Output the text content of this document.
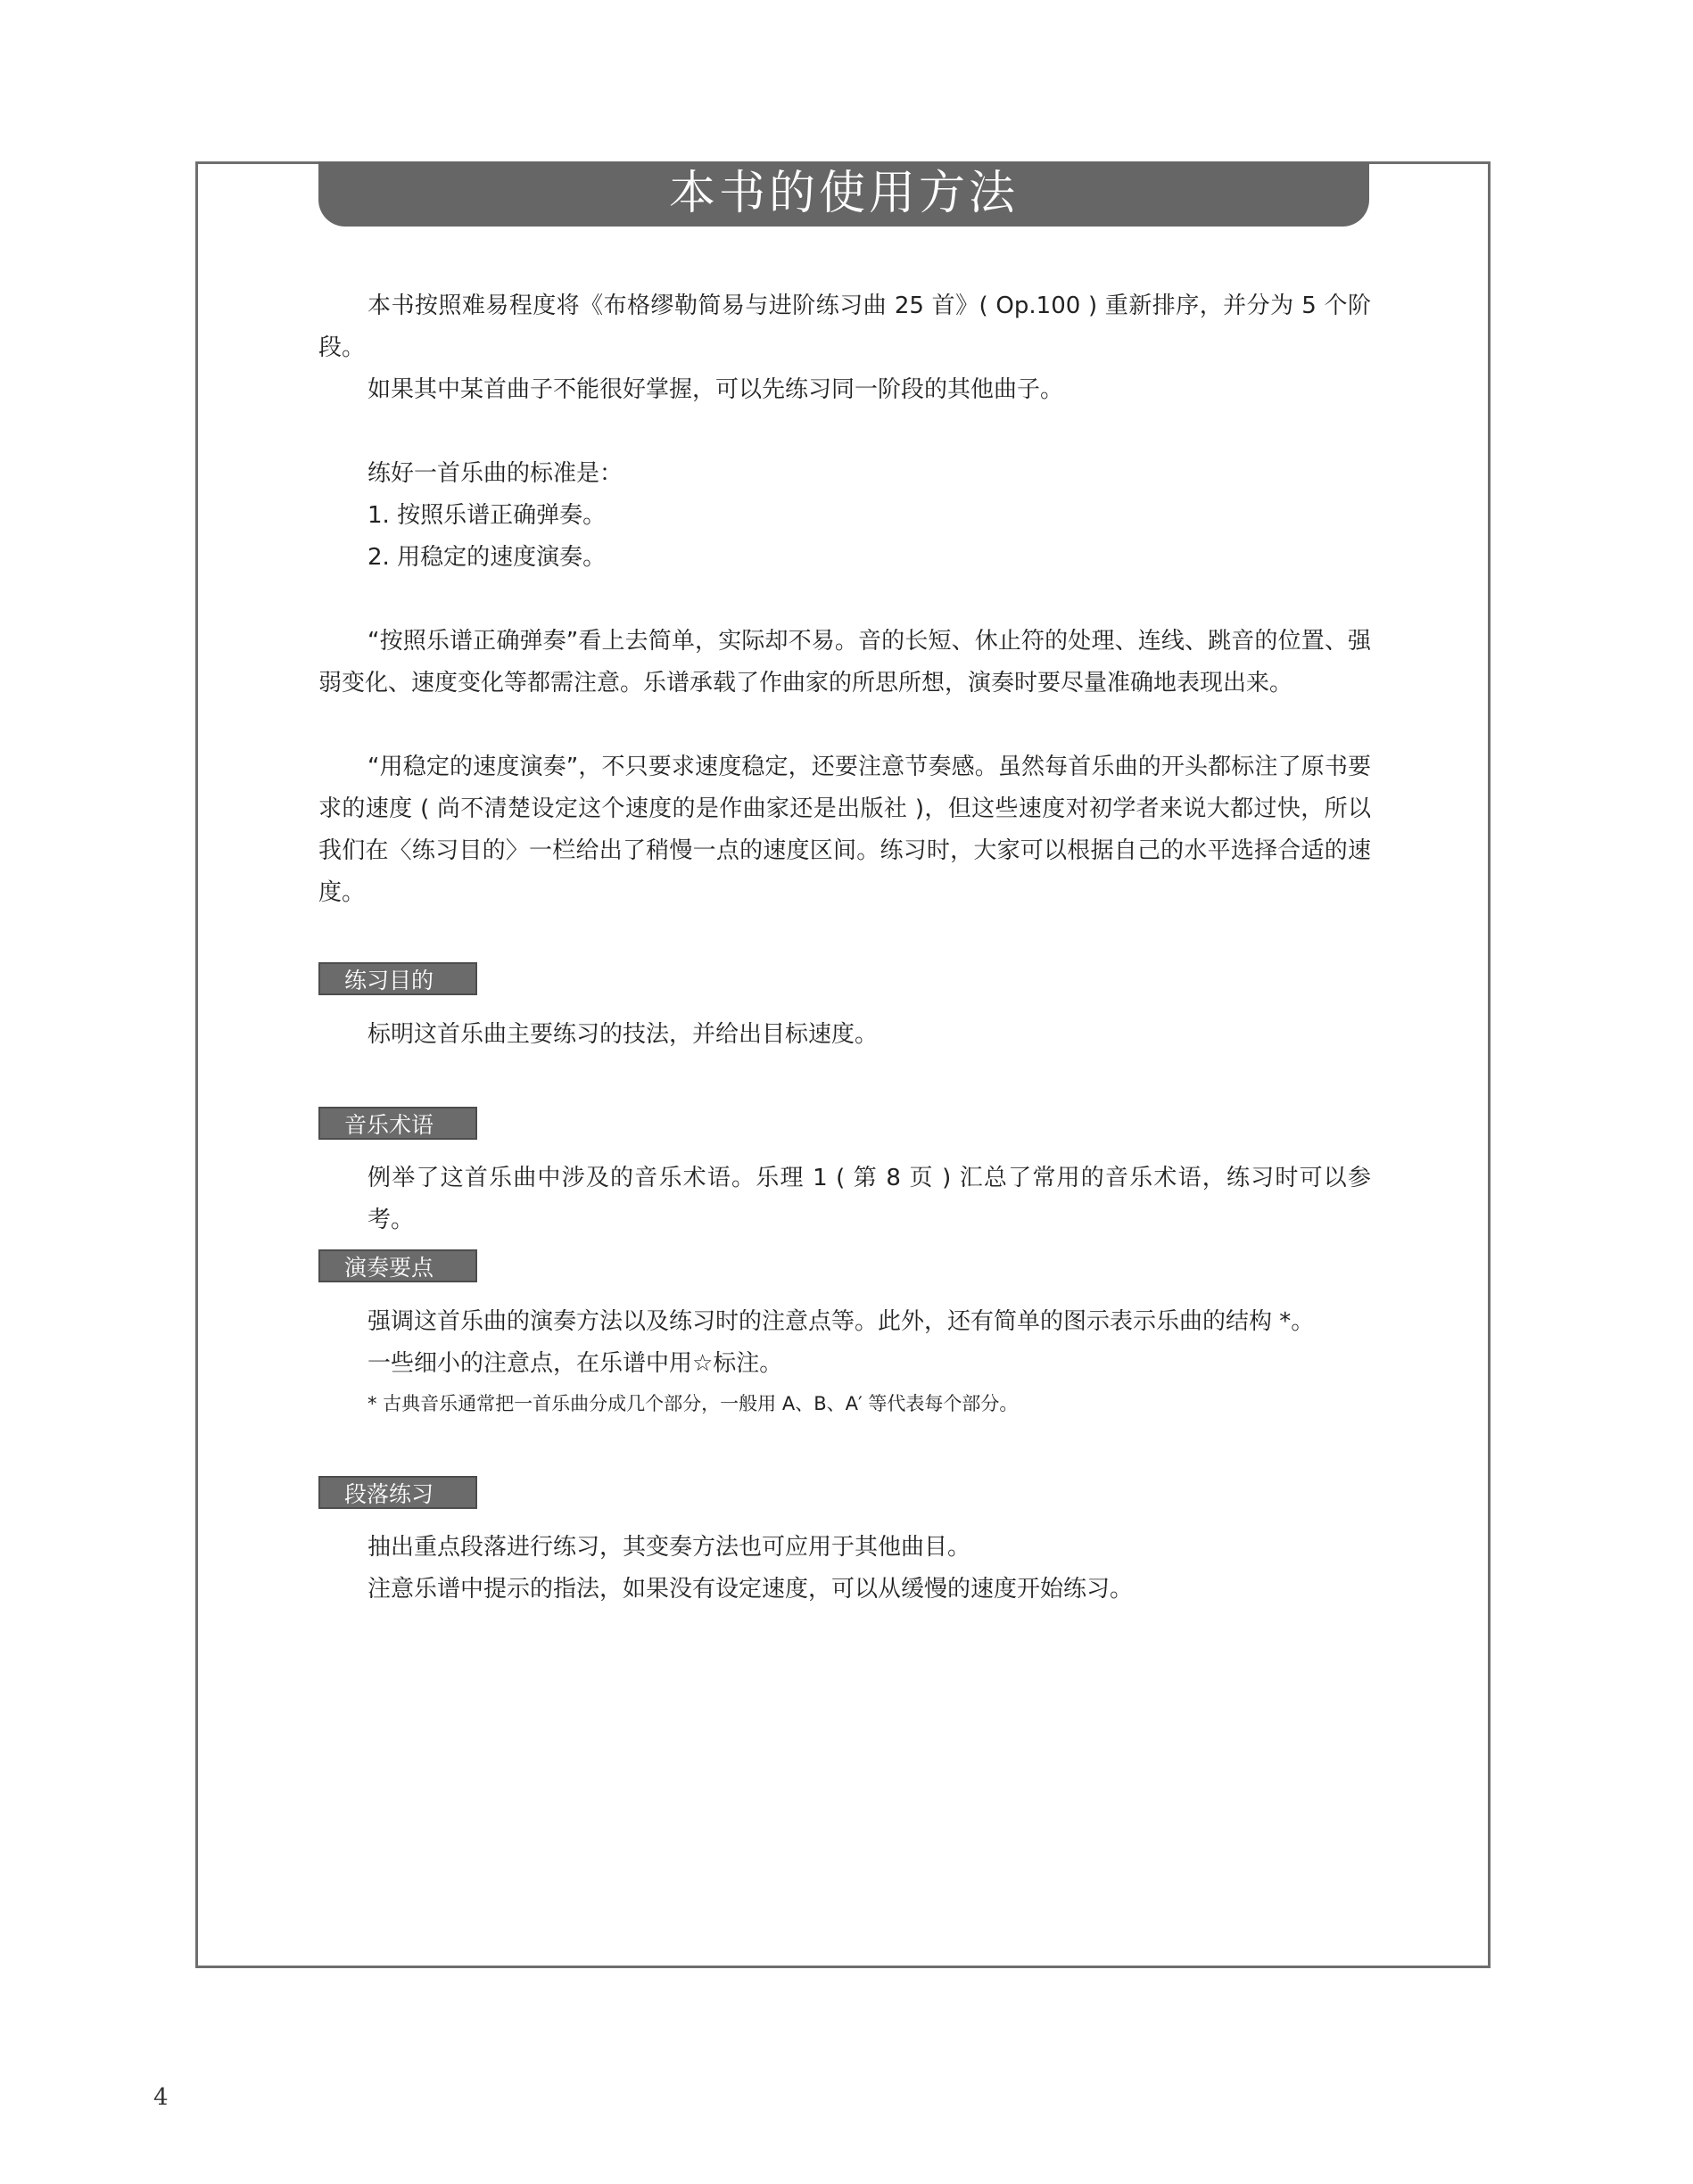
本书的使用方法

本书按照难易程度将《布格缪勒简易与进阶练习曲 25 首》( Op.100 ) 重新排序，并分为 5 个阶段。

如果其中某首曲子不能很好掌握，可以先练习同一阶段的其他曲子。

练好一首乐曲的标准是：

1. 按照乐谱正确弹奏。

2. 用稳定的速度演奏。

“按照乐谱正确弹奏”看上去简单，实际却不易。音的长短、休止符的处理、连线、跳音的位置、强弱变化、速度变化等都需注意。乐谱承载了作曲家的所思所想，演奏时要尽量准确地表现出来。

“用稳定的速度演奏”，不只要求速度稳定，还要注意节奏感。虽然每首乐曲的开头都标注了原书要求的速度 ( 尚不清楚设定这个速度的是作曲家还是出版社 )，但这些速度对初学者来说大都过快，所以我们在〈练习目的〉一栏给出了稍慢一点的速度区间。练习时，大家可以根据自己的水平选择合适的速度。

练习目的

标明这首乐曲主要练习的技法，并给出目标速度。

音乐术语

例举了这首乐曲中涉及的音乐术语。乐理 1 ( 第 8 页 ) 汇总了常用的音乐术语，练习时可以参考。

演奏要点

强调这首乐曲的演奏方法以及练习时的注意点等。此外，还有简单的图示表示乐曲的结构 *。

一些细小的注意点，在乐谱中用☆标注。

* 古典音乐通常把一首乐曲分成几个部分，一般用 A、B、A′ 等代表每个部分。

段落练习

抽出重点段落进行练习，其变奏方法也可应用于其他曲目。

注意乐谱中提示的指法，如果没有设定速度，可以从缓慢的速度开始练习。

4
